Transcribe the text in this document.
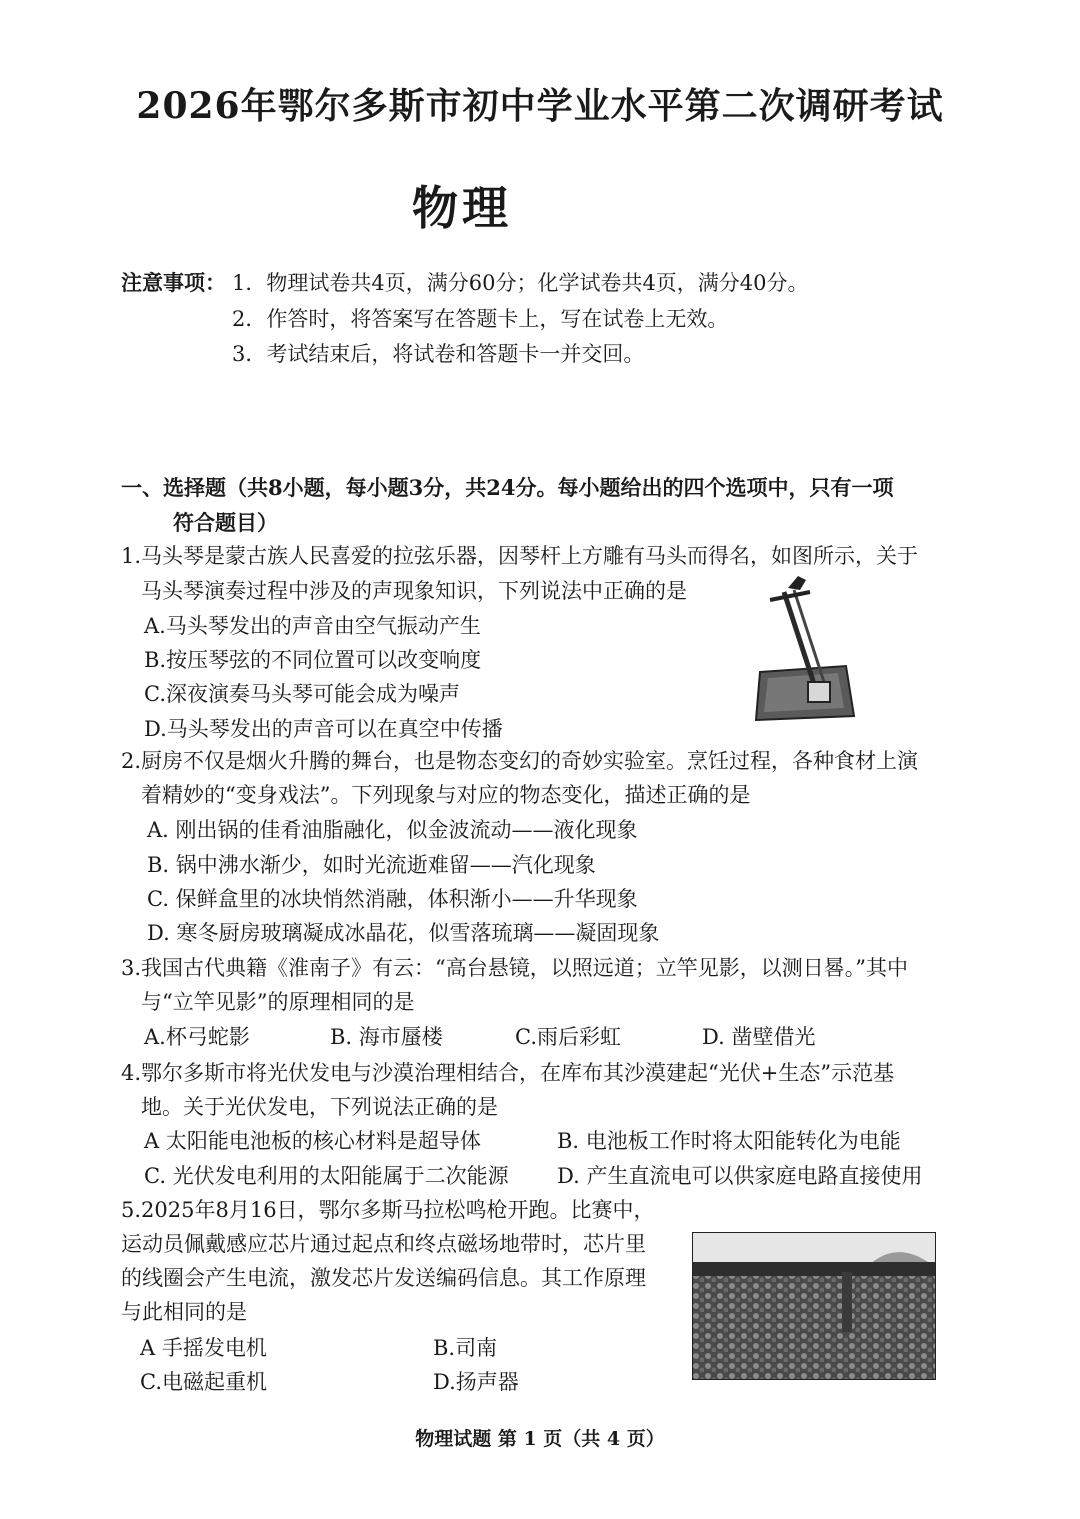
2026年鄂尔多斯市初中学业水平第二次调研考试
物理
注意事项： 1．物理试卷共4页，满分60分；化学试卷共4页，满分40分。
2．作答时，将答案写在答题卡上，写在试卷上无效。
3．考试结束后，将试卷和答题卡一并交回。
一、选择题（共8小题，每小题3分，共24分。每小题给出的四个选项中，只有一项
符合题目）
1.马头琴是蒙古族人民喜爱的拉弦乐器，因琴杆上方雕有马头而得名，如图所示，关于
马头琴演奏过程中涉及的声现象知识，下列说法中正确的是
A.马头琴发出的声音由空气振动产生
B.按压琴弦的不同位置可以改变响度
C.深夜演奏马头琴可能会成为噪声
D.马头琴发出的声音可以在真空中传播
2.厨房不仅是烟火升腾的舞台，也是物态变幻的奇妙实验室。烹饪过程，各种食材上演
着精妙的“变身戏法”。下列现象与对应的物态变化，描述正确的是
A. 刚出锅的佳肴油脂融化，似金波流动——液化现象
B. 锅中沸水渐少，如时光流逝难留——汽化现象
C. 保鲜盒里的冰块悄然消融，体积渐小——升华现象
D. 寒冬厨房玻璃凝成冰晶花，似雪落琉璃——凝固现象
3.我国古代典籍《淮南子》有云：“高台悬镜，以照远道；立竿见影，以测日晷。”其中
与“立竿见影”的原理相同的是
A.杯弓蛇影	B. 海市蜃楼	C.雨后彩虹	D. 凿壁借光
4.鄂尔多斯市将光伏发电与沙漠治理相结合，在库布其沙漠建起“光伏+生态”示范基
地。关于光伏发电，下列说法正确的是
A 太阳能电池板的核心材料是超导体	B. 电池板工作时将太阳能转化为电能
C. 光伏发电利用的太阳能属于二次能源 D. 产生直流电可以供家庭电路直接使用
5.2025年8月16日，鄂尔多斯马拉松鸣枪开跑。比赛中，
运动员佩戴感应芯片通过起点和终点磁场地带时，芯片里
的线圈会产生电流，激发芯片发送编码信息。其工作原理
与此相同的是
A 手摇发电机	B.司南
C.电磁起重机	D.扬声器
物理试题 第 1 页（共 4 页）
